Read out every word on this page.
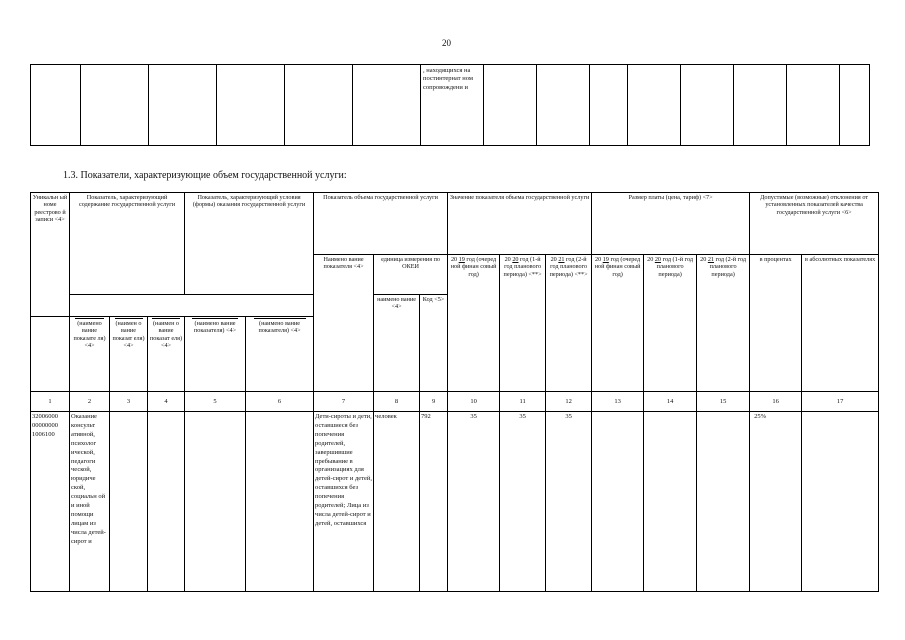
20
						, находящихся на постинтернат ном сопровождени и								
1.3. Показатели, характеризующие объем государственной услуги:
Уникальн ый номе реестрово й записи <4>	Показатель, характеризующий содержание государственной услуги			Показатель, характеризующий условия (формы) оказания государственной услуги		Показатель объема государственной услуги			Значение показателя объема государственной услуги			Размер платы (цена, тариф) <7>			Допустимые (возможные) отклонения от установленных показателей качества государственной услуги <6>	
						Наимено вание показателя <4>	единица измерения по ОКЕИ		20 19 год (очеред ной финан совый год)	20 20 год (1-й год планового периода) <**>	20 21 год (2-й год планового периода) <**>	20 19 год (очеред ной финан совый год)	20 20 год (1-й год планового периода)	20 21 год (2-й год планового периода)	в процентах	в абсолютных показателях
							наимено вание <4>	Код <5>								

(наимено вание показате ля) <4>	(наимен о вание показат еля) <4>	(наимен о вание показат еля) <4>	(наимено вание показателя) <4>	(наимено вание показателя) <4>											
1	2	3	4	5	6	7	8	9	10	11	12	13	14	15	16	17
32006000 00000000 1006100	Оказание консульт ативной, психолог ической, педагоги ческой, юридиче ской, социальн ой и иной помощи лицам из числа детей-сирот и					Дети-сироты и дети, оставшиеся без попечения родителей, завершившие пребывание в организациях для детей-сирот и детей, оставшихся без попечения родителей; Лица из числа детей-сирот и детей, оставшихся	человек	792	35	35	35				25%	
